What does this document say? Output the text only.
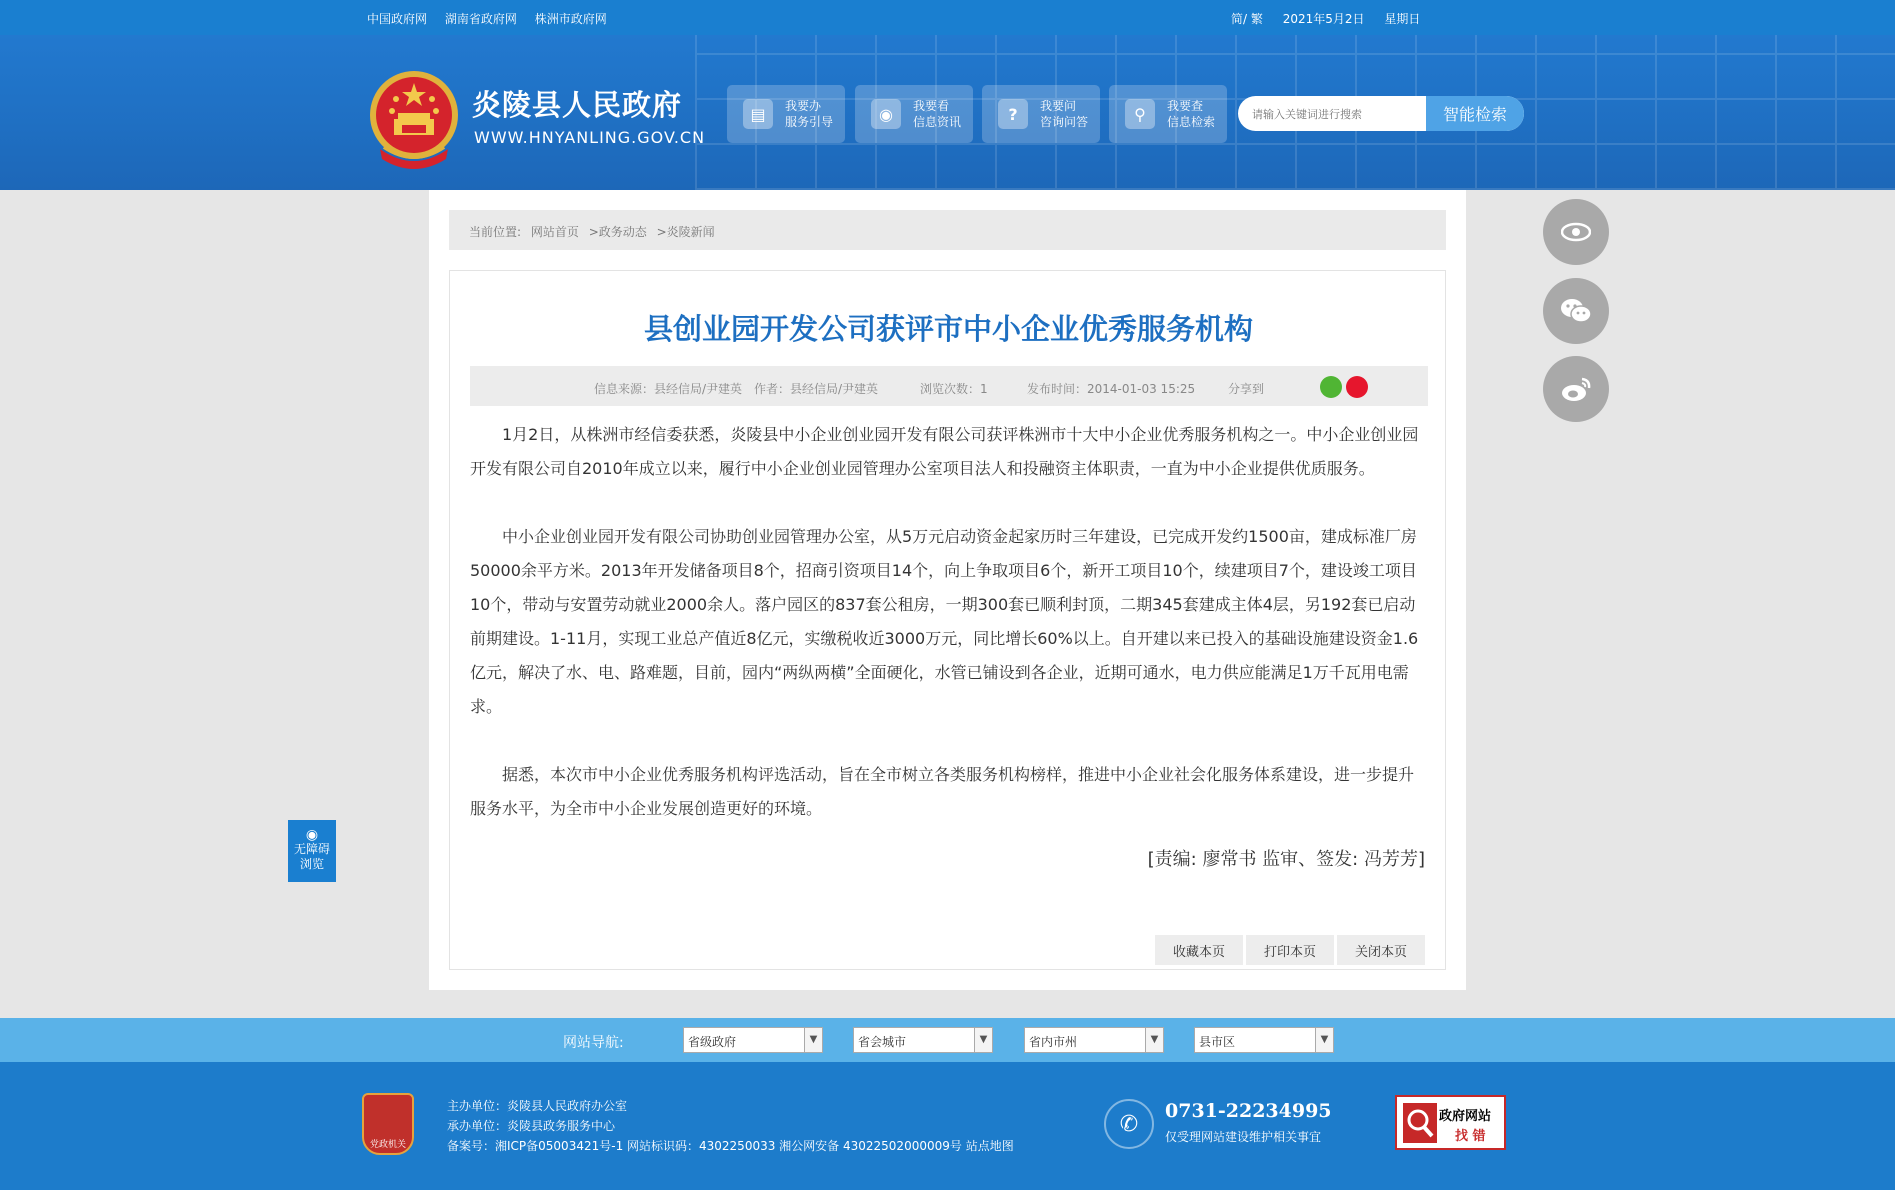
中国政府网 湖南省政府网 株洲市政府网	简/ 繁 2021年5月2日 星期日
炎陵县人民政府
WWW.HNYANLING.GOV.CN
▤	我要办
服务引导	◉	我要看
信息资讯	?	我要问
咨询问答	⚲	我要查
信息检索
请输入关键词进行搜索	智能检索
当前位置: 网站首页 >政务动态 >炎陵新闻
县创业园开发公司获评市中小企业优秀服务机构
信息来源：县经信局/尹建英 作者：县经信局/尹建英	浏览次数：1	发布时间：2014-01-03 15:25	分享到

1月2日，从株洲市经信委获悉，炎陵县中小企业创业园开发有限公司获评株洲市十大中小企业优秀服务机构之一。中小企业创业园开发有限公司自2010年成立以来，履行中小企业创业园管理办公室项目法人和投融资主体职责，一直为中小企业提供优质服务。

中小企业创业园开发有限公司协助创业园管理办公室，从5万元启动资金起家历时三年建设，已完成开发约1500亩，建成标准厂房50000余平方米。2013年开发储备项目8个，招商引资项目14个，向上争取项目6个，新开工项目10个，续建项目7个，建设竣工项目10个，带动与安置劳动就业2000余人。落户园区的837套公租房，一期300套已顺利封顶，二期345套建成主体4层，另192套已启动前期建设。1-11月，实现工业总产值近8亿元，实缴税收近3000万元，同比增长60%以上。自开建以来已投入的基础设施建设资金1.6亿元，解决了水、电、路难题，目前，园内“两纵两横”全面硬化，水管已铺设到各企业，近期可通水，电力供应能满足1万千瓦用电需求。

据悉，本次市中小企业优秀服务机构评选活动，旨在全市树立各类服务机构榜样，推进中小企业社会化服务体系建设，进一步提升服务水平，为全市中小企业发展创造更好的环境。

[责编: 廖常书 监审、签发: 冯芳芳]
收藏本页	打印本页	关闭本页
◉
无障碍
浏览
网站导航:	省级政府	▼	省会城市	▼	省内市州	▼	县市区	▼
党政机关
主办单位：炎陵县人民政府办公室
承办单位：炎陵县政务服务中心
备案号：湘ICP备05003421号-1 网站标识码：4302250033 湘公网安备 43022502000009号 站点地图
✆
0731-22234995
仅受理网站建设维护相关事宜
政府网站
找 错
